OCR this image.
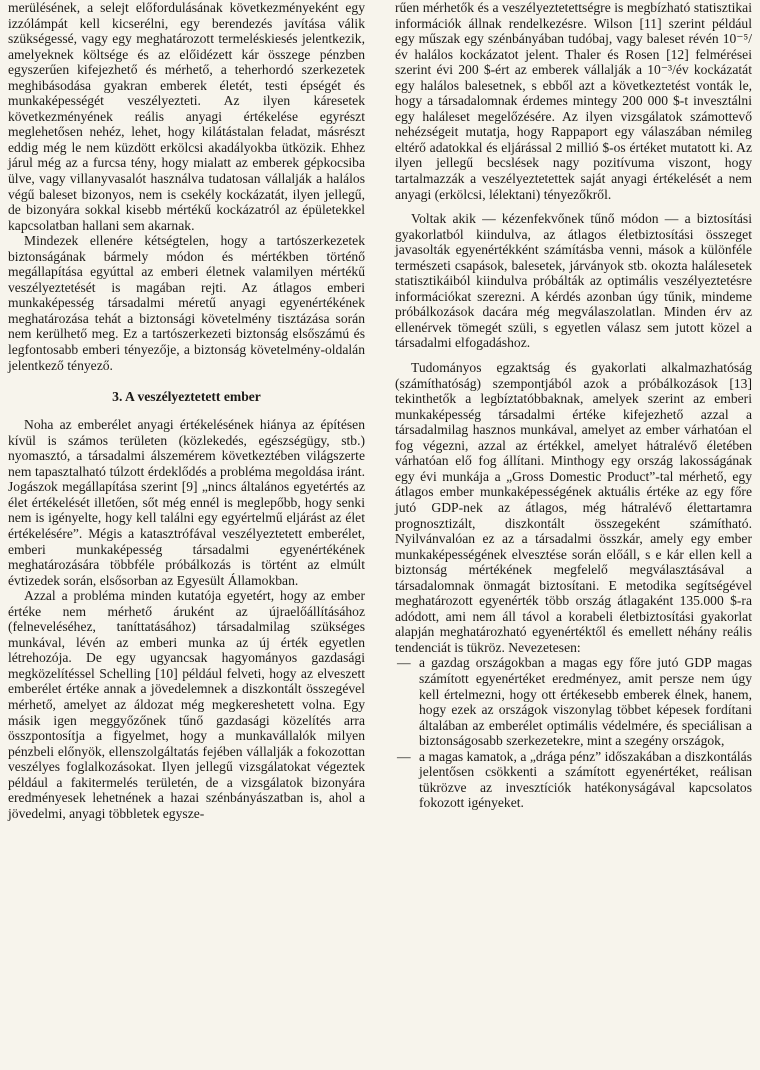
merülésének, a selejt előfordulásának következményeként egy izzólámpát kell kicserélni, egy berendezés javítása válik szükségessé, vagy egy meghatározott termeléskiesés jelentkezik, amelyeknek költsége és az előidézett kár összege pénzben egyszerűen kifejezhető és mérhető, a teherhordó szerkezetek meghibásodása gyakran emberek életét, testi épségét és munkaképességét veszélyezteti. Az ilyen káresetek következményének reális anyagi értékelése egyrészt meglehetősen nehéz, lehet, hogy kilátástalan feladat, másrészt eddig még le nem küzdött erkölcsi akadályokba ütközik. Ehhez járul még az a furcsa tény, hogy mialatt az emberek gépkocsiba ülve, vagy villanyvasalót használva tudatosan vállalják a halálos végű baleset bizonyos, nem is csekély kockázatát, ilyen jellegű, de bizonyára sokkal kisebb mértékű kockázatról az épületekkel kapcsolatban hallani sem akarnak.

Mindezek ellenére kétségtelen, hogy a tartószerkezetek biztonságának bármely módon és mértékben történő megállapítása egyúttal az emberi életnek valamilyen mértékű veszélyeztetését is magában rejti. Az átlagos emberi munkaképesség társadalmi méretű anyagi egyenértékének meghatározása tehát a biztonsági követelmény tisztázása során nem kerülhető meg. Ez a tartószerkezeti biztonság elsőszámú és legfontosabb emberi tényezője, a biztonság követelmény-oldalán jelentkező tényező.

3. A veszélyeztetett ember

Noha az emberélet anyagi értékelésének hiánya az építésen kívül is számos területen (közlekedés, egészségügy, stb.) nyomasztó, a társadalmi álszemérem következtében világszerte nem tapasztalható túlzott érdeklődés a probléma megoldása iránt. Jogászok megállapítása szerint [9] „nincs általános egyetértés az élet értékelését illetően, sőt még ennél is meglepőbb, hogy senki nem is igényelte, hogy kell találni egy egyértelmű eljárást az élet értékelésére”. Mégis a katasztrófával veszélyeztetett emberélet, emberi munkaképesség társadalmi egyenértékének meghatározására többféle próbálkozás is történt az elmúlt évtizedek során, elsősorban az Egyesült Államokban.

Azzal a probléma minden kutatója egyetért, hogy az ember értéke nem mérhető áruként az újraelőállításához (felneveléséhez, taníttatásához) társadalmilag szükséges munkával, lévén az emberi munka az új érték egyetlen létrehozója. De egy ugyancsak hagyományos gazdasági megközelítéssel Schelling [10] például felveti, hogy az elveszett emberélet értéke annak a jövedelemnek a diszkontált összegével mérhető, amelyet az áldozat még megkereshetett volna. Egy másik igen meggyőzőnek tűnő gazdasági közelítés arra összpontosítja a figyelmet, hogy a munkavállalók milyen pénzbeli előnyök, ellenszolgáltatás fejében vállalják a fokozottan veszélyes foglalkozásokat. Ilyen jellegű vizsgálatokat végeztek például a fakitermelés területén, de a vizsgálatok bizonyára eredményesek lehetnének a hazai szénbányászatban is, ahol a jövedelmi, anyagi többletek egysze-

rűen mérhetők és a veszélyeztetettségre is megbízható statisztikai információk állnak rendelkezésre. Wilson [11] szerint például egy műszak egy szénbányában tudóbaj, vagy baleset révén 10⁻⁵/év halálos kockázatot jelent. Thaler és Rosen [12] felmérései szerint évi 200 $-ért az emberek vállalják a 10⁻³/év kockázatát egy halálos balesetnek, s ebből azt a következtetést vonták le, hogy a társadalomnak érdemes mintegy 200 000 $-t invesztálni egy haláleset megelőzésére. Az ilyen vizsgálatok számottevő nehézségeit mutatja, hogy Rappaport egy válaszában némileg eltérő adatokkal és eljárással 2 millió $-os értéket mutatott ki. Az ilyen jellegű becslések nagy pozitívuma viszont, hogy tartalmazzák a veszélyeztetettek saját anyagi értékelését a nem anyagi (erkölcsi, lélektani) tényezőkről.

Voltak akik — kézenfekvőnek tűnő módon — a biztosítási gyakorlatból kiindulva, az átlagos életbiztosítási összeget javasolták egyenértékként számításba venni, mások a különféle természeti csapások, balesetek, járványok stb. okozta halálesetek statisztikáiból kiindulva próbálták az optimális veszélyeztetésre információkat szerezni. A kérdés azonban úgy tűnik, mindeme próbálkozások dacára még megválaszolatlan. Minden érv az ellenérvek tömegét szüli, s egyetlen válasz sem jutott közel a társadalmi elfogadáshoz.

Tudományos egzaktság és gyakorlati alkalmazhatóság (számíthatóság) szempontjából azok a próbálkozások [13] tekinthetők a legbíztatóbbaknak, amelyek szerint az emberi munkaképesség társadalmi értéke kifejezhető azzal a társadalmilag hasznos munkával, amelyet az ember várhatóan el fog végezni, azzal az értékkel, amelyet hátralévő életében várhatóan elő fog állítani. Minthogy egy ország lakosságának egy évi munkája a „Gross Domestic Product”-tal mérhető, egy átlagos ember munkaképességének aktuális értéke az egy főre jutó GDP-nek az átlagos, még hátralévő élettartamra prognosztizált, diszkontált összegeként számítható. Nyilvánvalóan ez az a társadalmi összkár, amely egy ember munkaképességének elvesztése során előáll, s e kár ellen kell a biztonság mértékének megfelelő megválasztásával a társadalomnak önmagát biztosítani. E metodika segítségével meghatározott egyenérték több ország átlagaként 135.000 $-ra adódott, ami nem áll távol a korabeli életbiztosítási gyakorlat alapján meghatározható egyenértéktől és emellett néhány reális tendenciát is tükröz. Nevezetesen:

— a gazdag országokban a magas egy főre jutó GDP magas számított egyenértéket eredményez, amit persze nem úgy kell értelmezni, hogy ott értékesebb emberek élnek, hanem, hogy ezek az országok viszonylag többet képesek fordítani általában az emberélet optimális védelmére, és speciálisan a biztonságosabb szerkezetekre, mint a szegény országok,
— a magas kamatok, a „drága pénz” időszakában a diszkontálás jelentősen csökkenti a számított egyenértéket, reálisan tükrözve az invesztíciók hatékonyságával kapcsolatos fokozott igényeket.
